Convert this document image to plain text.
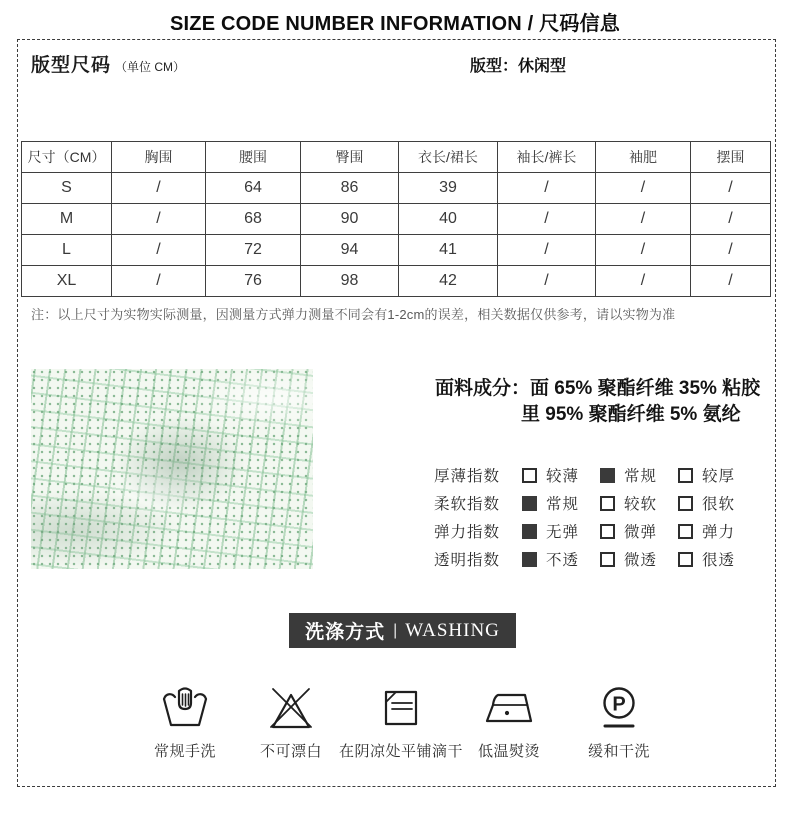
SIZE CODE NUMBER INFORMATION / 尺码信息
版型尺码 （单位 CM）	版型：休闲型
尺寸（CM）	胸围	腰围	臀围	衣长/裙长	袖长/裤长	袖肥	摆围
S	/	64	86	39	/	/	/
M	/	68	90	40	/	/	/
L	/	72	94	41	/	/	/
XL	/	76	98	42	/	/	/
注：以上尺寸为实物实际测量，因测量方式弹力测量不同会有1-2cm的误差，相关数据仅供参考，请以实物为准
面料成分：面 65% 聚酯纤维 35% 粘胶
里 95% 聚酯纤维 5% 氨纶
厚薄指数	较薄	常规	较厚
柔软指数	常规	较软	很软
弹力指数	无弹	微弹	弹力
透明指数	不透	微透	很透
洗涤方式 | WASHING
常规手洗	不可漂白 在阴凉处平铺滴干 低温熨烫
P
缓和干洗
